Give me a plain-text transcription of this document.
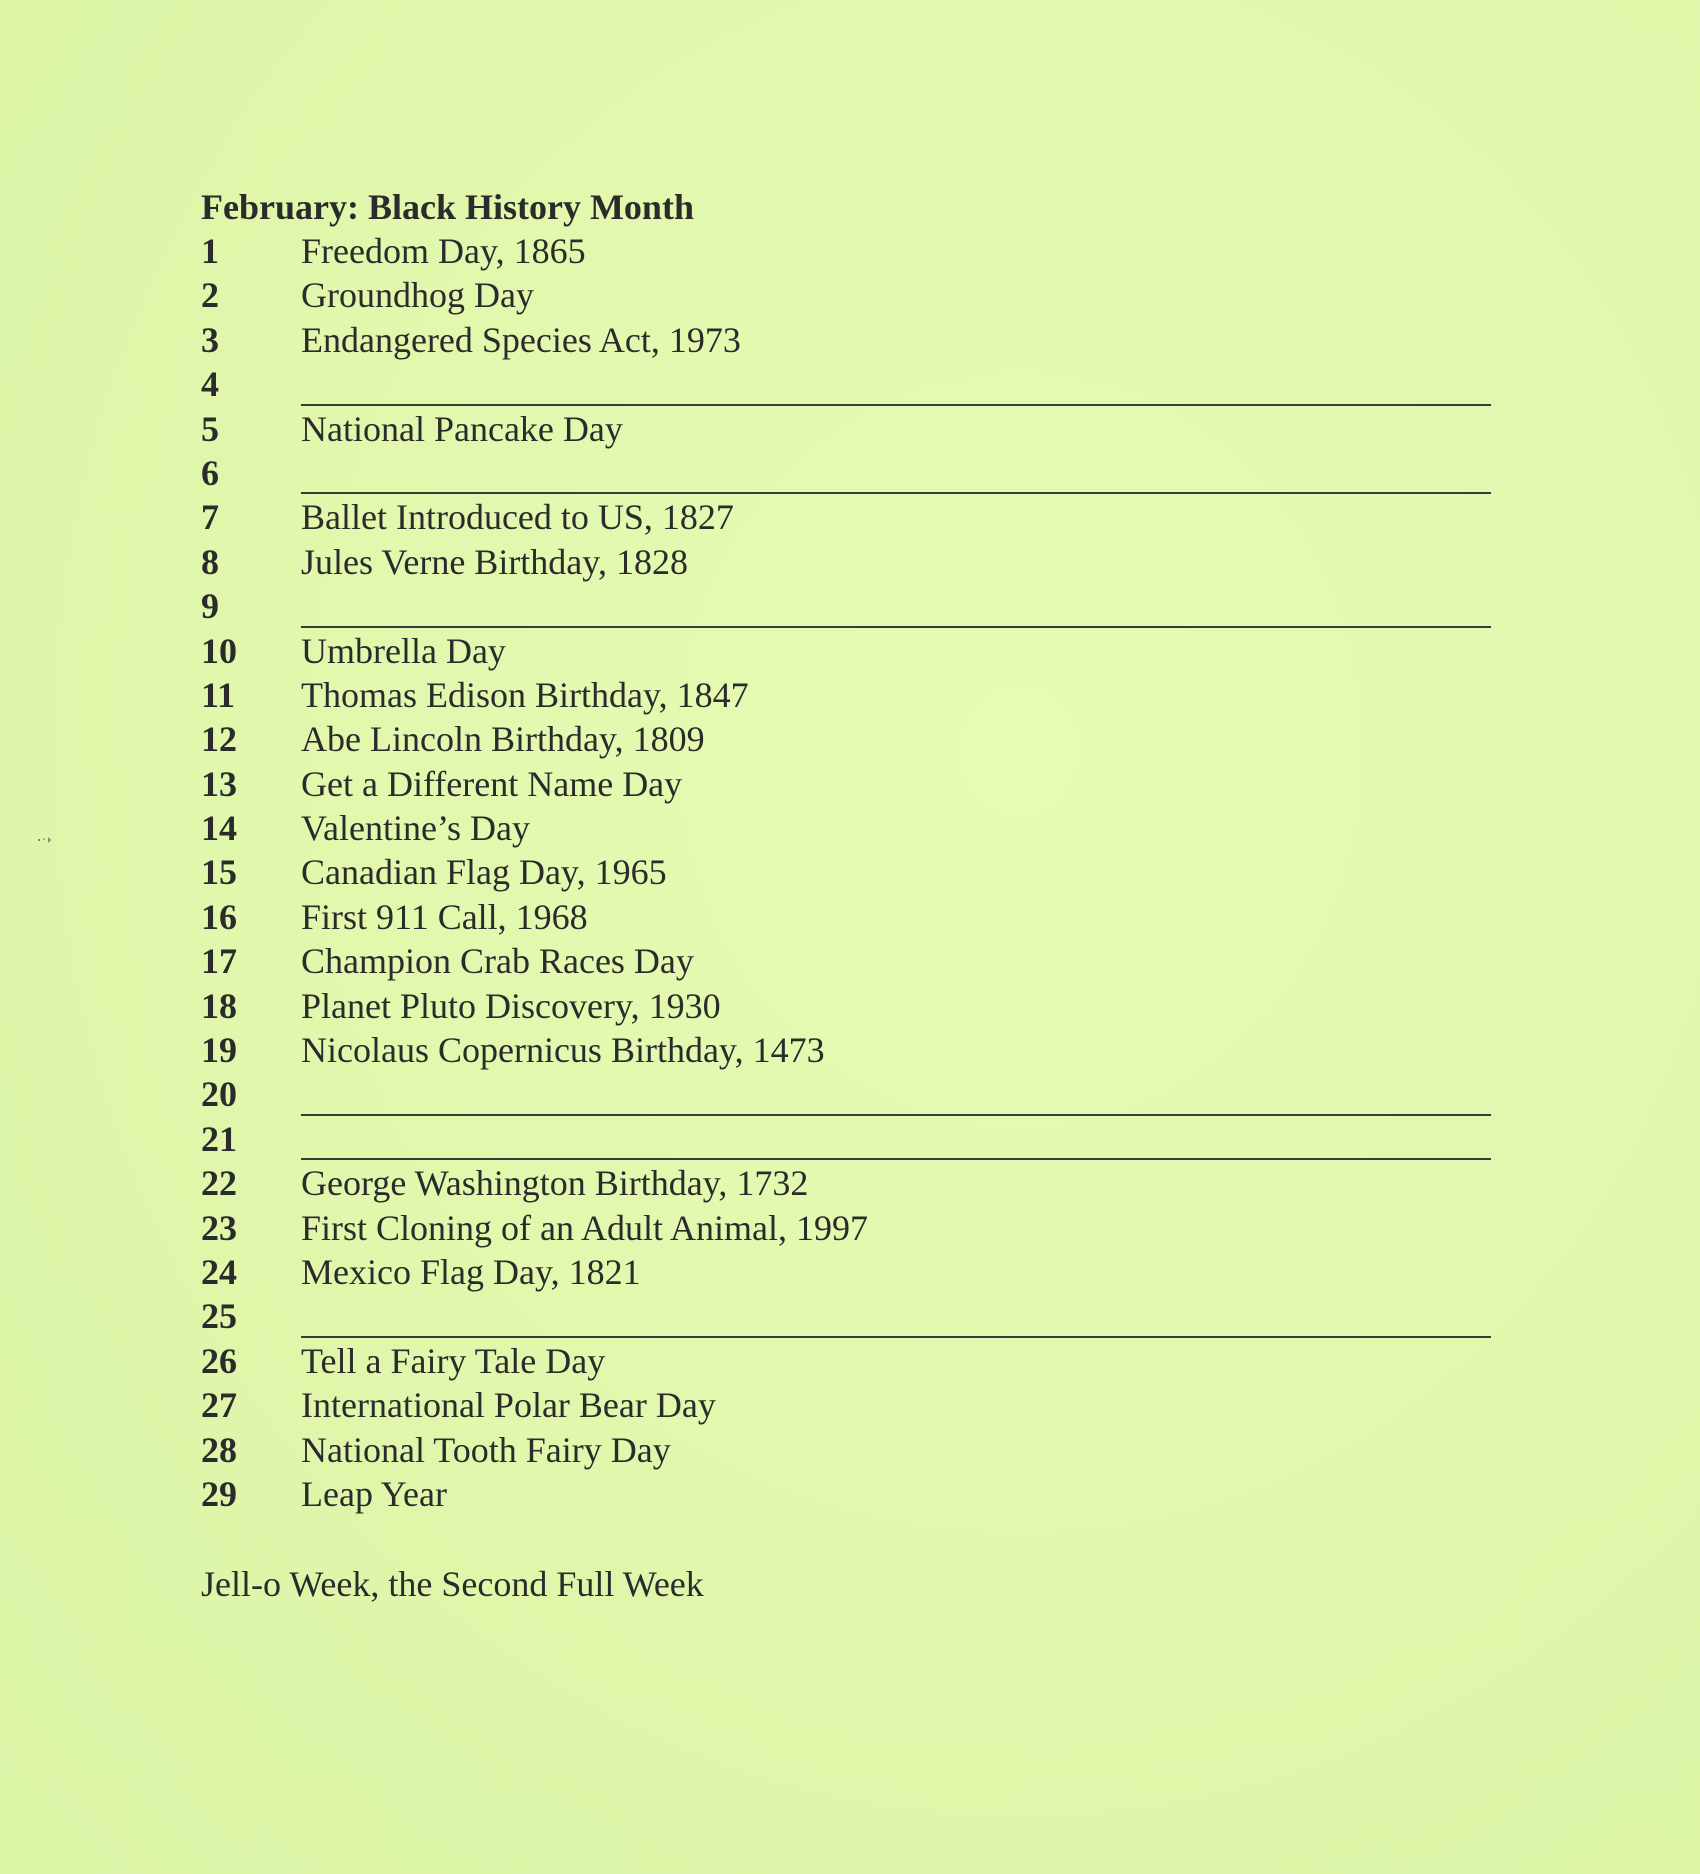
February: Black History Month
1 Freedom Day, 1865
2 Groundhog Day
3 Endangered Species Act, 1973
4
5 National Pancake Day
6
7 Ballet Introduced to US, 1827
8 Jules Verne Birthday, 1828
9
10 Umbrella Day
11 Thomas Edison Birthday, 1847
12 Abe Lincoln Birthday, 1809
13 Get a Different Name Day
14 Valentine’s Day
15 Canadian Flag Day, 1965
16 First 911 Call, 1968
17 Champion Crab Races Day
18 Planet Pluto Discovery, 1930
19 Nicolaus Copernicus Birthday, 1473
20
21
22 George Washington Birthday, 1732
23 First Cloning of an Adult Animal, 1997
24 Mexico Flag Day, 1821
25
26 Tell a Fairy Tale Day
27 International Polar Bear Day
28 National Tooth Fairy Day
29 Leap Year
Jell-o Week, the Second Full Week
